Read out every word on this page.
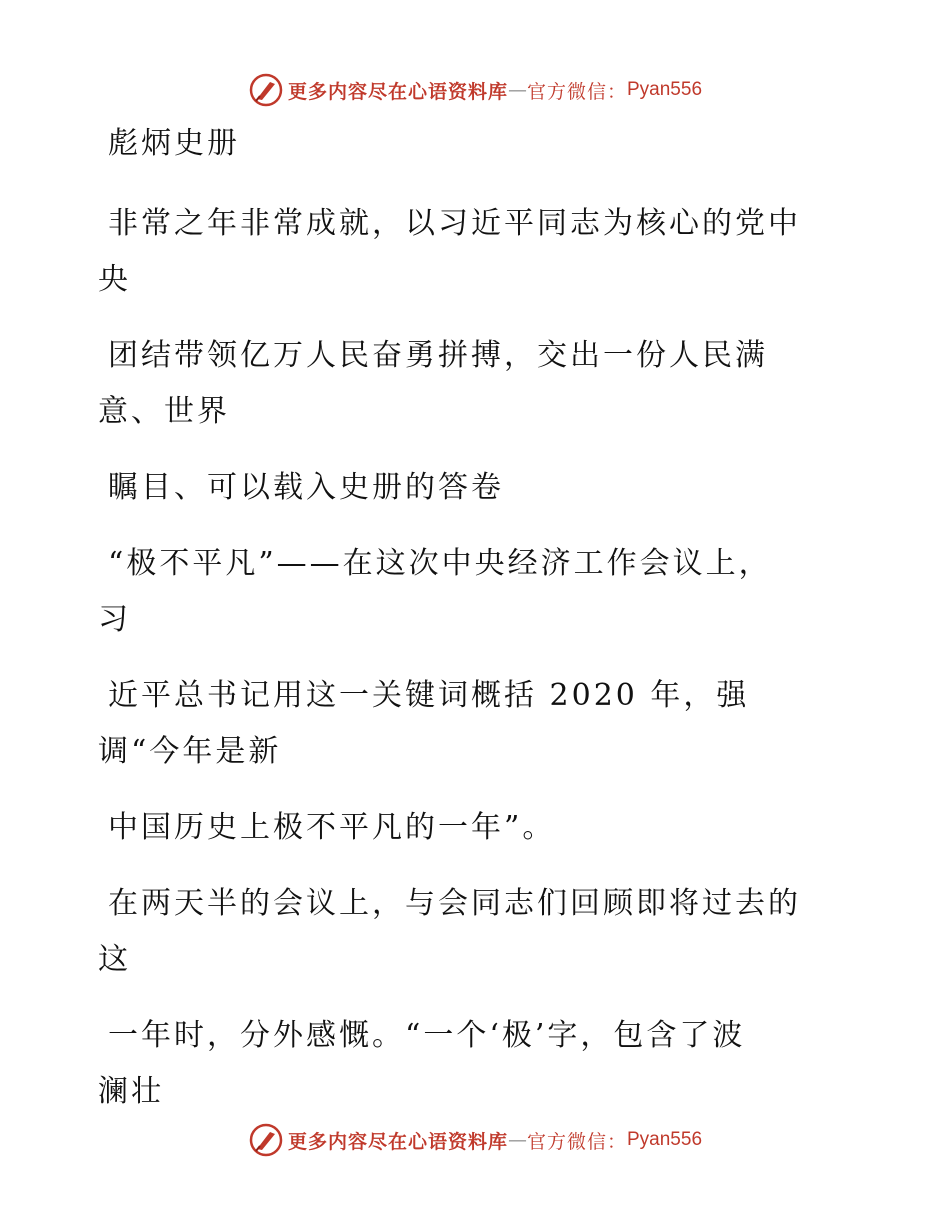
更多内容尽在心语资料库 — 官方微信： Pyan556
彪炳史册
非常之年非常成就，以习近平同志为核心的党中
央
团结带领亿万人民奋勇拼搏，交出一份人民满
意、世界
瞩目、可以载入史册的答卷
“极不平凡”——在这次中央经济工作会议上，
习
近平总书记用这一关键词概括 2020 年，强
调“今年是新
中国历史上极不平凡的一年”。
在两天半的会议上，与会同志们回顾即将过去的
这
一年时，分外感慨。“一个‘极’字，包含了波
澜壮
更多内容尽在心语资料库 — 官方微信： Pyan556
